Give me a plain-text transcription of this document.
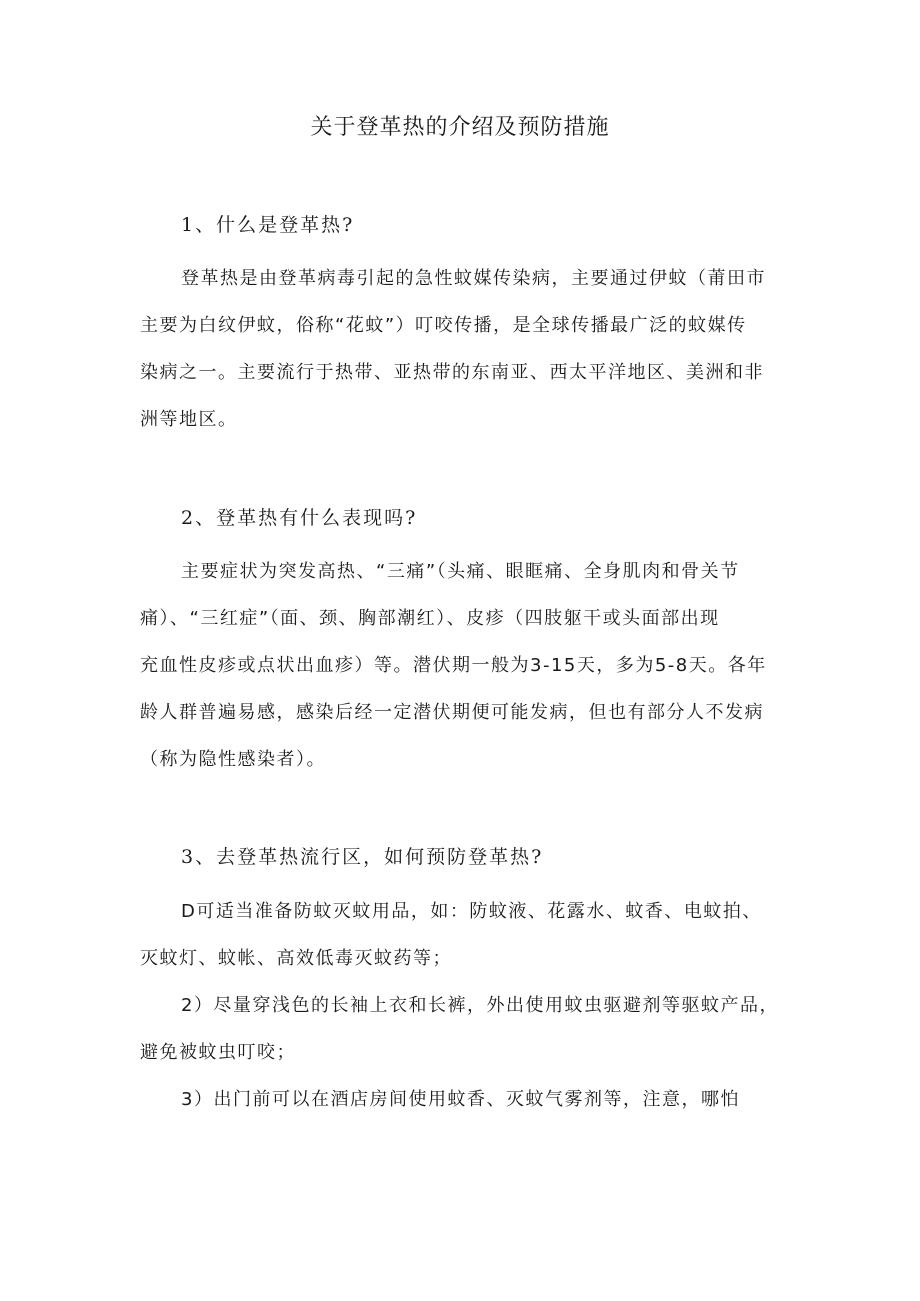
关于登革热的介绍及预防措施
1、什么是登革热?
登革热是由登革病毒引起的急性蚊媒传染病，主要通过伊蚊（莆田市
主要为白纹伊蚊，俗称“花蚊”）叮咬传播，是全球传播最广泛的蚊媒传
染病之一。主要流行于热带、亚热带的东南亚、西太平洋地区、美洲和非
洲等地区。
2、登革热有什么表现吗?
主要症状为突发高热、“三痛”（头痛、眼眶痛、全身肌肉和骨关节
痛）、“三红症”（面、颈、胸部潮红）、皮疹（四肢躯干或头面部出现
充血性皮疹或点状出血疹）等。潜伏期一般为3-15天，多为5-8天。各年
龄人群普遍易感，感染后经一定潜伏期便可能发病，但也有部分人不发病
（称为隐性感染者）。
3、去登革热流行区，如何预防登革热?
D可适当准备防蚊灭蚊用品，如：防蚊液、花露水、蚊香、电蚊拍、
灭蚊灯、蚊帐、高效低毒灭蚊药等；
2）尽量穿浅色的长袖上衣和长裤，外出使用蚊虫驱避剂等驱蚊产品，
避免被蚊虫叮咬；
3）出门前可以在酒店房间使用蚊香、灭蚊气雾剂等，注意，哪怕
